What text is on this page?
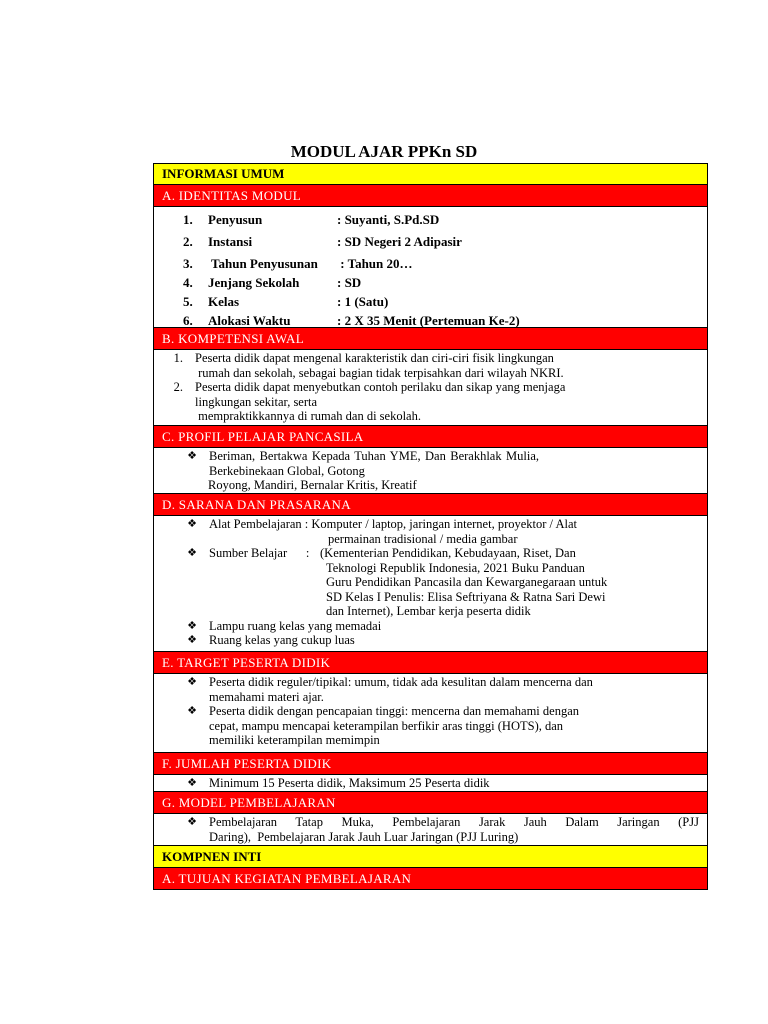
MODUL AJAR PPKn SD
INFORMASI UMUM
A. IDENTITAS MODUL
1. Penyusun	: Suyanti, S.Pd.SD
2. Instansi	: SD Negeri 2 Adipasir
3. Tahun Penyusunan : Tahun 20…
4. Jenjang Sekolah	: SD
5. Kelas	: 1 (Satu)
6. Alokasi Waktu	: 2 X 35 Menit (Pertemuan Ke-2)
B. KOMPETENSI AWAL
1. Peserta didik dapat mengenal karakteristik dan ciri-ciri fisik lingkungan
rumah dan sekolah, sebagai bagian tidak terpisahkan dari wilayah NKRI.
2. Peserta didik dapat menyebutkan contoh perilaku dan sikap yang menjaga
lingkungan sekitar, serta
mempraktikkannya di rumah dan di sekolah.
C. PROFIL PELAJAR PANCASILA
❖ Beriman, Bertakwa Kepada Tuhan YME, Dan Berakhlak Mulia,
Berkebinekaan Global, Gotong
Royong, Mandiri, Bernalar Kritis, Kreatif
D. SARANA DAN PRASARANA
❖ Alat Pembelajaran : Komputer / laptop, jaringan internet, proyektor / Alat
permainan tradisional / media gambar
❖ Sumber Belajar      : (Kementerian Pendidikan, Kebudayaan, Riset, Dan
Teknologi Republik Indonesia, 2021 Buku Panduan
Guru Pendidikan Pancasila dan Kewarganegaraan untuk
SD Kelas I Penulis: Elisa Seftriyana & Ratna Sari Dewi
dan Internet), Lembar kerja peserta didik
❖ Lampu ruang kelas yang memadai
❖ Ruang kelas yang cukup luas
E. TARGET PESERTA DIDIK
❖ Peserta didik reguler/tipikal: umum, tidak ada kesulitan dalam mencerna dan
memahami materi ajar.
❖ Peserta didik dengan pencapaian tinggi: mencerna dan memahami dengan
cepat, mampu mencapai keterampilan berfikir aras tinggi (HOTS), dan
memiliki keterampilan memimpin
F. JUMLAH PESERTA DIDIK
❖ Minimum 15 Peserta didik, Maksimum 25 Peserta didik
G. MODEL PEMBELAJARAN
❖ Pembelajaran Tatap Muka, Pembelajaran Jarak Jauh Dalam Jaringan (PJJ
Daring),  Pembelajaran Jarak Jauh Luar Jaringan (PJJ Luring)
KOMPNEN INTI
A. TUJUAN KEGIATAN PEMBELAJARAN
